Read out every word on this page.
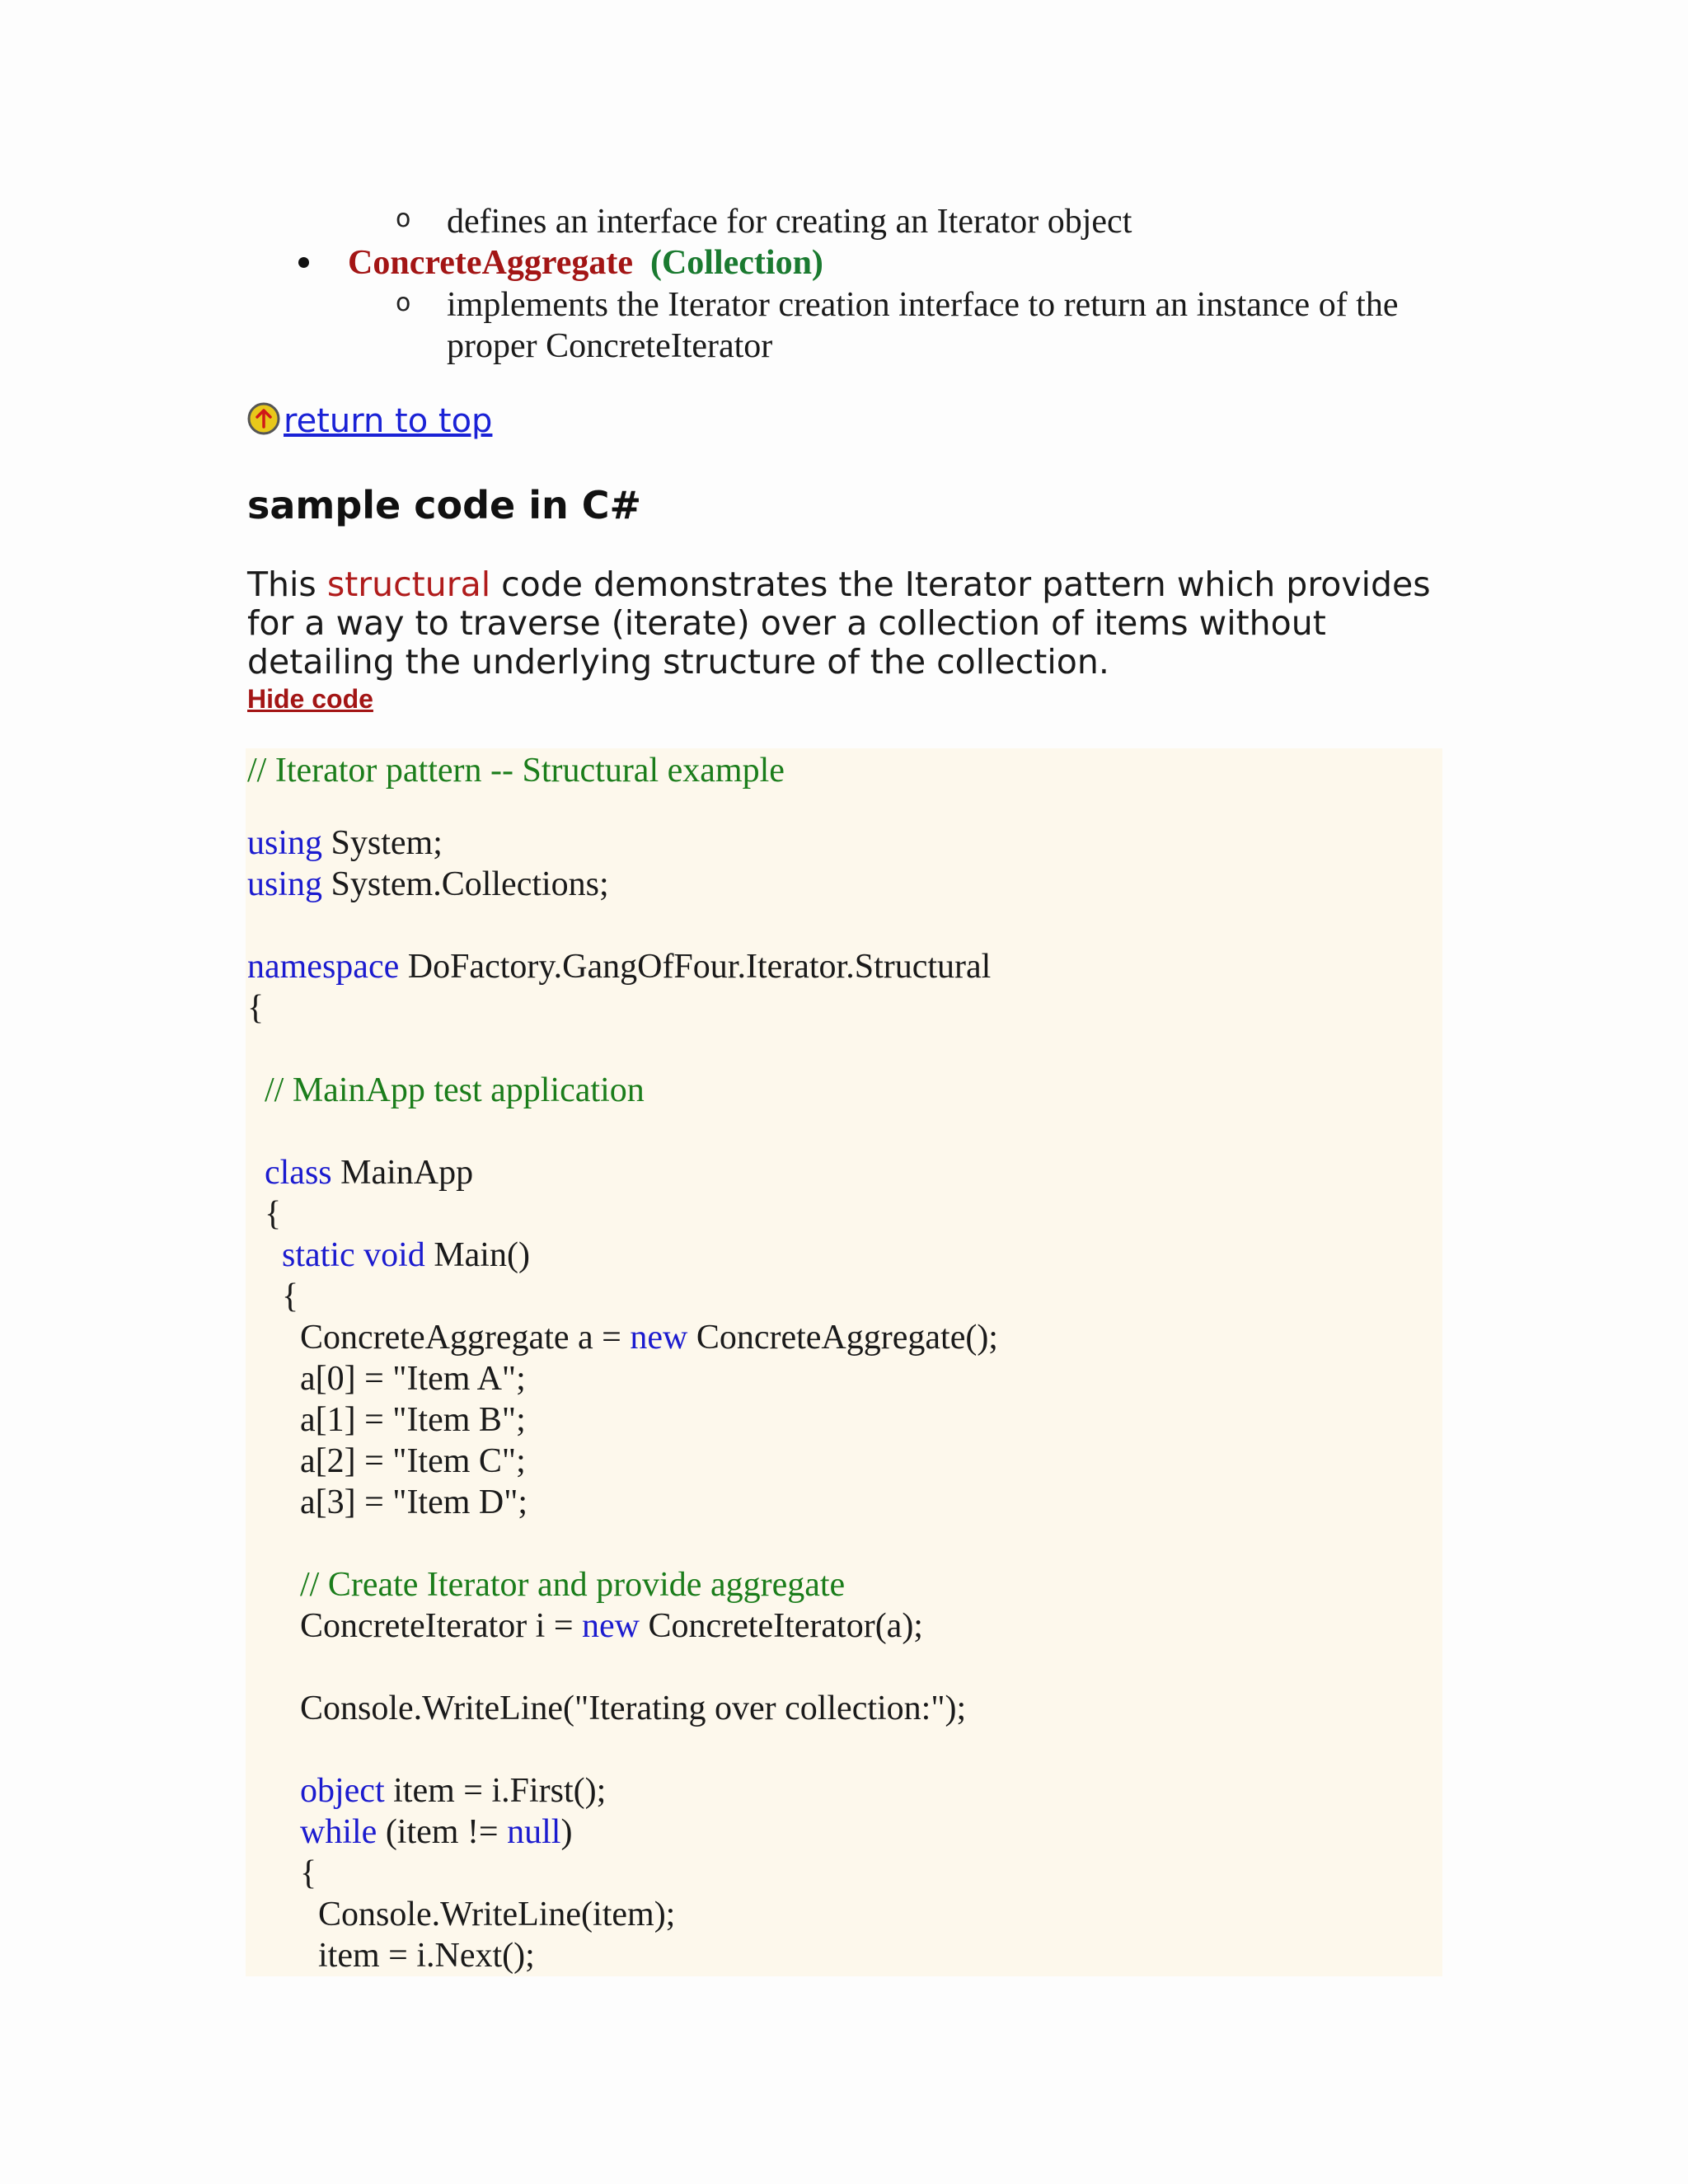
o defines an interface for creating an Iterator object
ConcreteAggregate (Collection)
o implements the Iterator creation interface to return an instance of the
proper ConcreteIterator
return to top
sample code in C#
This structural code demonstrates the Iterator pattern which provides
for a way to traverse (iterate) over a collection of items without
detailing the underlying structure of the collection.
Hide code
// Iterator pattern -- Structural example
using System;
using System.Collections;
namespace DoFactory.GangOfFour.Iterator.Structural
{
// MainApp test application
class MainApp
{
static void Main()
{
ConcreteAggregate a = new ConcreteAggregate();
a[0] = "Item A";
a[1] = "Item B";
a[2] = "Item C";
a[3] = "Item D";
// Create Iterator and provide aggregate
ConcreteIterator i = new ConcreteIterator(a);
Console.WriteLine("Iterating over collection:");
object item = i.First();
while (item != null)
{
Console.WriteLine(item);
item = i.Next();
